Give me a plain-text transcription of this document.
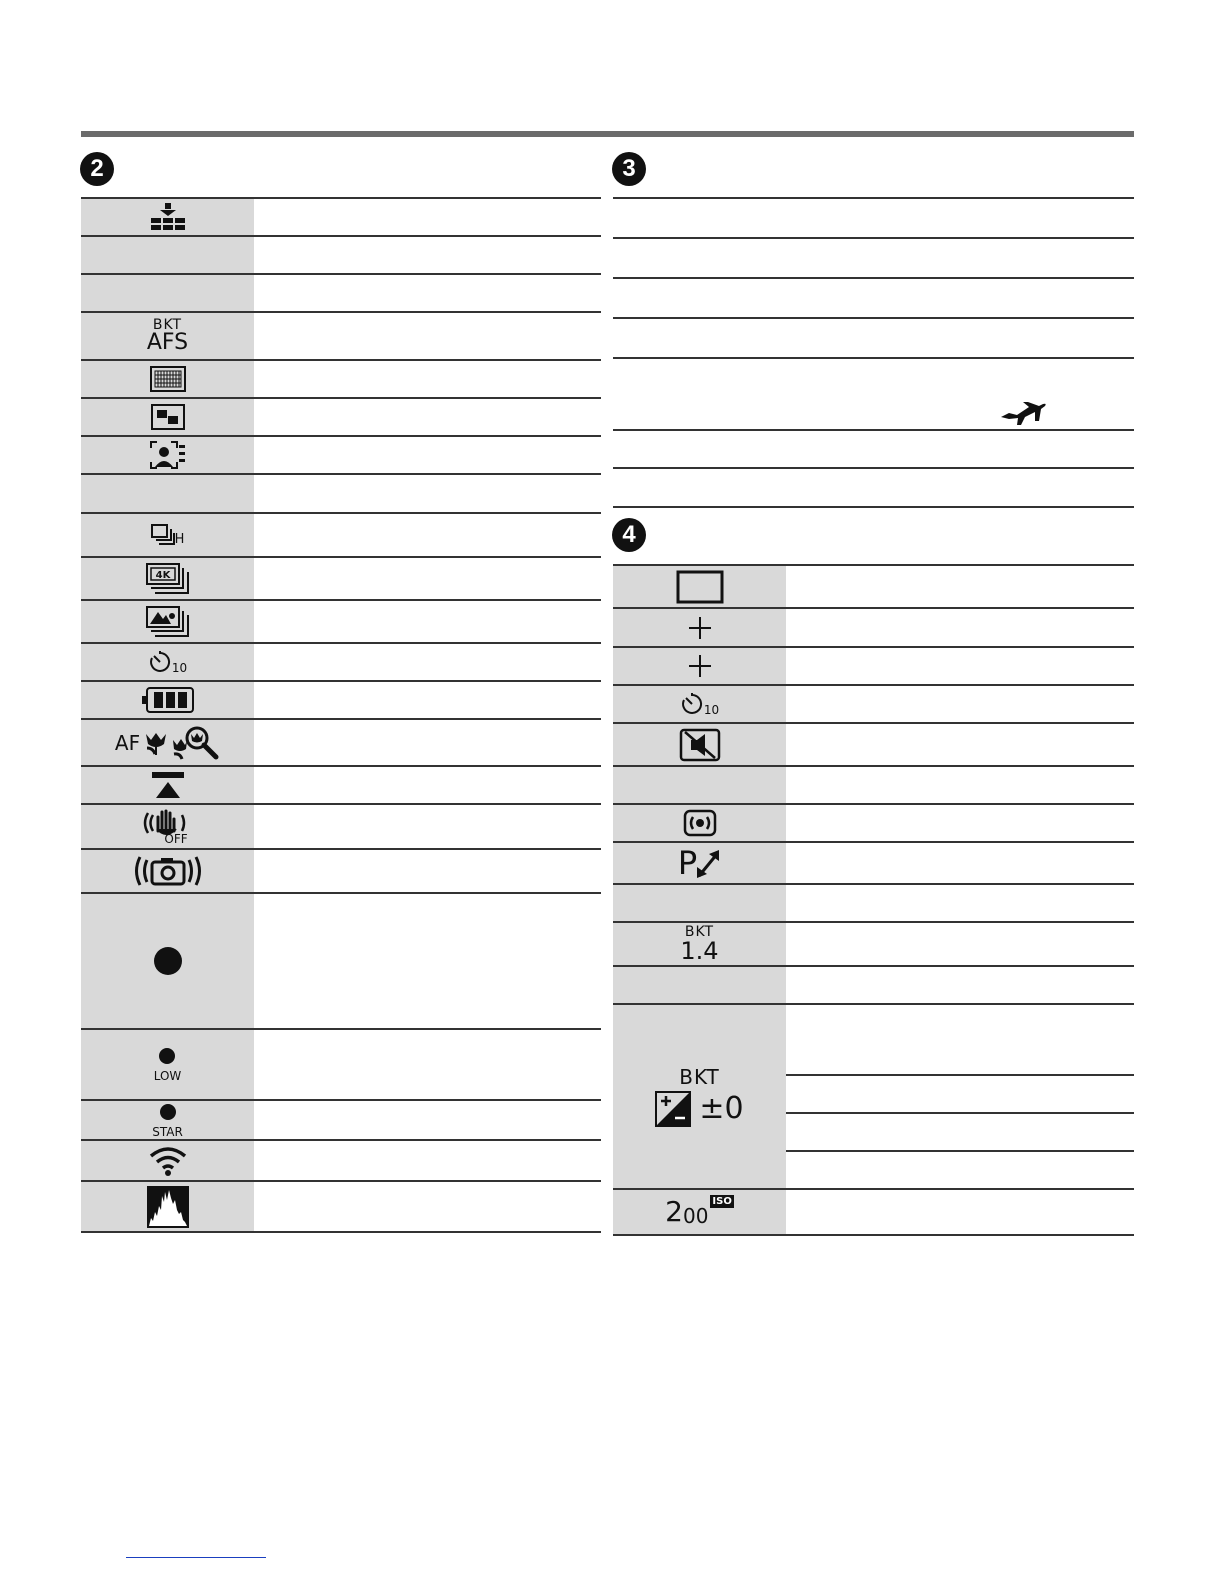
2	3
4
BKT
AFS
H
4K
10
AF
OFF
LOW
STAR
10
P
BKT
1.4
BKT
±0
2 00
ISO
